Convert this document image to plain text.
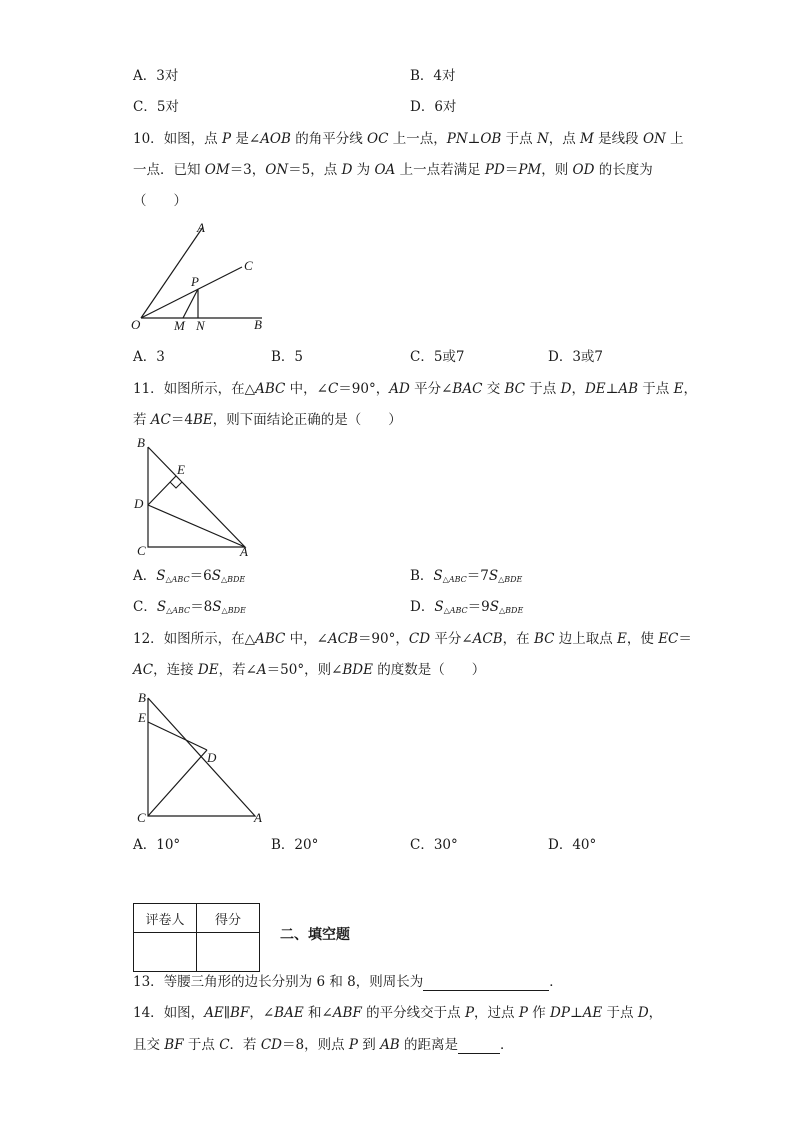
A．3对	B．4对
C．5对	D．6对
10．如图，点 P 是∠AOB 的角平分线 OC 上一点，PN⊥OB 于点 N，点 M 是线段 ON 上
一点．已知 OM＝3，ON＝5，点 D 为 OA 上一点若满足 PD＝PM，则 OD 的长度为
（　　）
A
C
P
O	M N	B
A．3	B．5	C．5或7	D．3或7
11．如图所示，在△ABC 中，∠C＝90°，AD 平分∠BAC 交 BC 于点 D，DE⊥AB 于点 E，
若 AC＝4BE，则下面结论正确的是（　　）
B
E
D
C	A
A．$S_{\triangle ABC}=6S_{\triangle BDE}$	B．$S_{\triangle ABC}=7S_{\triangle BDE}$
C．$S_{\triangle ABC}=8S_{\triangle BDE}$	D．$S_{\triangle ABC}=9S_{\triangle BDE}$
12．如图所示，在△ABC 中，∠ACB＝90°，CD 平分∠ACB，在 BC 边上取点 E，使 EC＝
AC，连接 DE，若∠A＝50°，则∠BDE 的度数是（　　）
B
E
D
C	A
A．10°	B．20°	C．30°	D．40°
评卷人	得分

二、填空题
13．等腰三角形的边长分别为 6 和 8，则周长为	．
14．如图，AE∥BF，∠BAE 和∠ABF 的平分线交于点 P，过点 P 作 DP⊥AE 于点 D，
且交 BF 于点 C．若 CD＝8，则点 P 到 AB 的距离是	．
